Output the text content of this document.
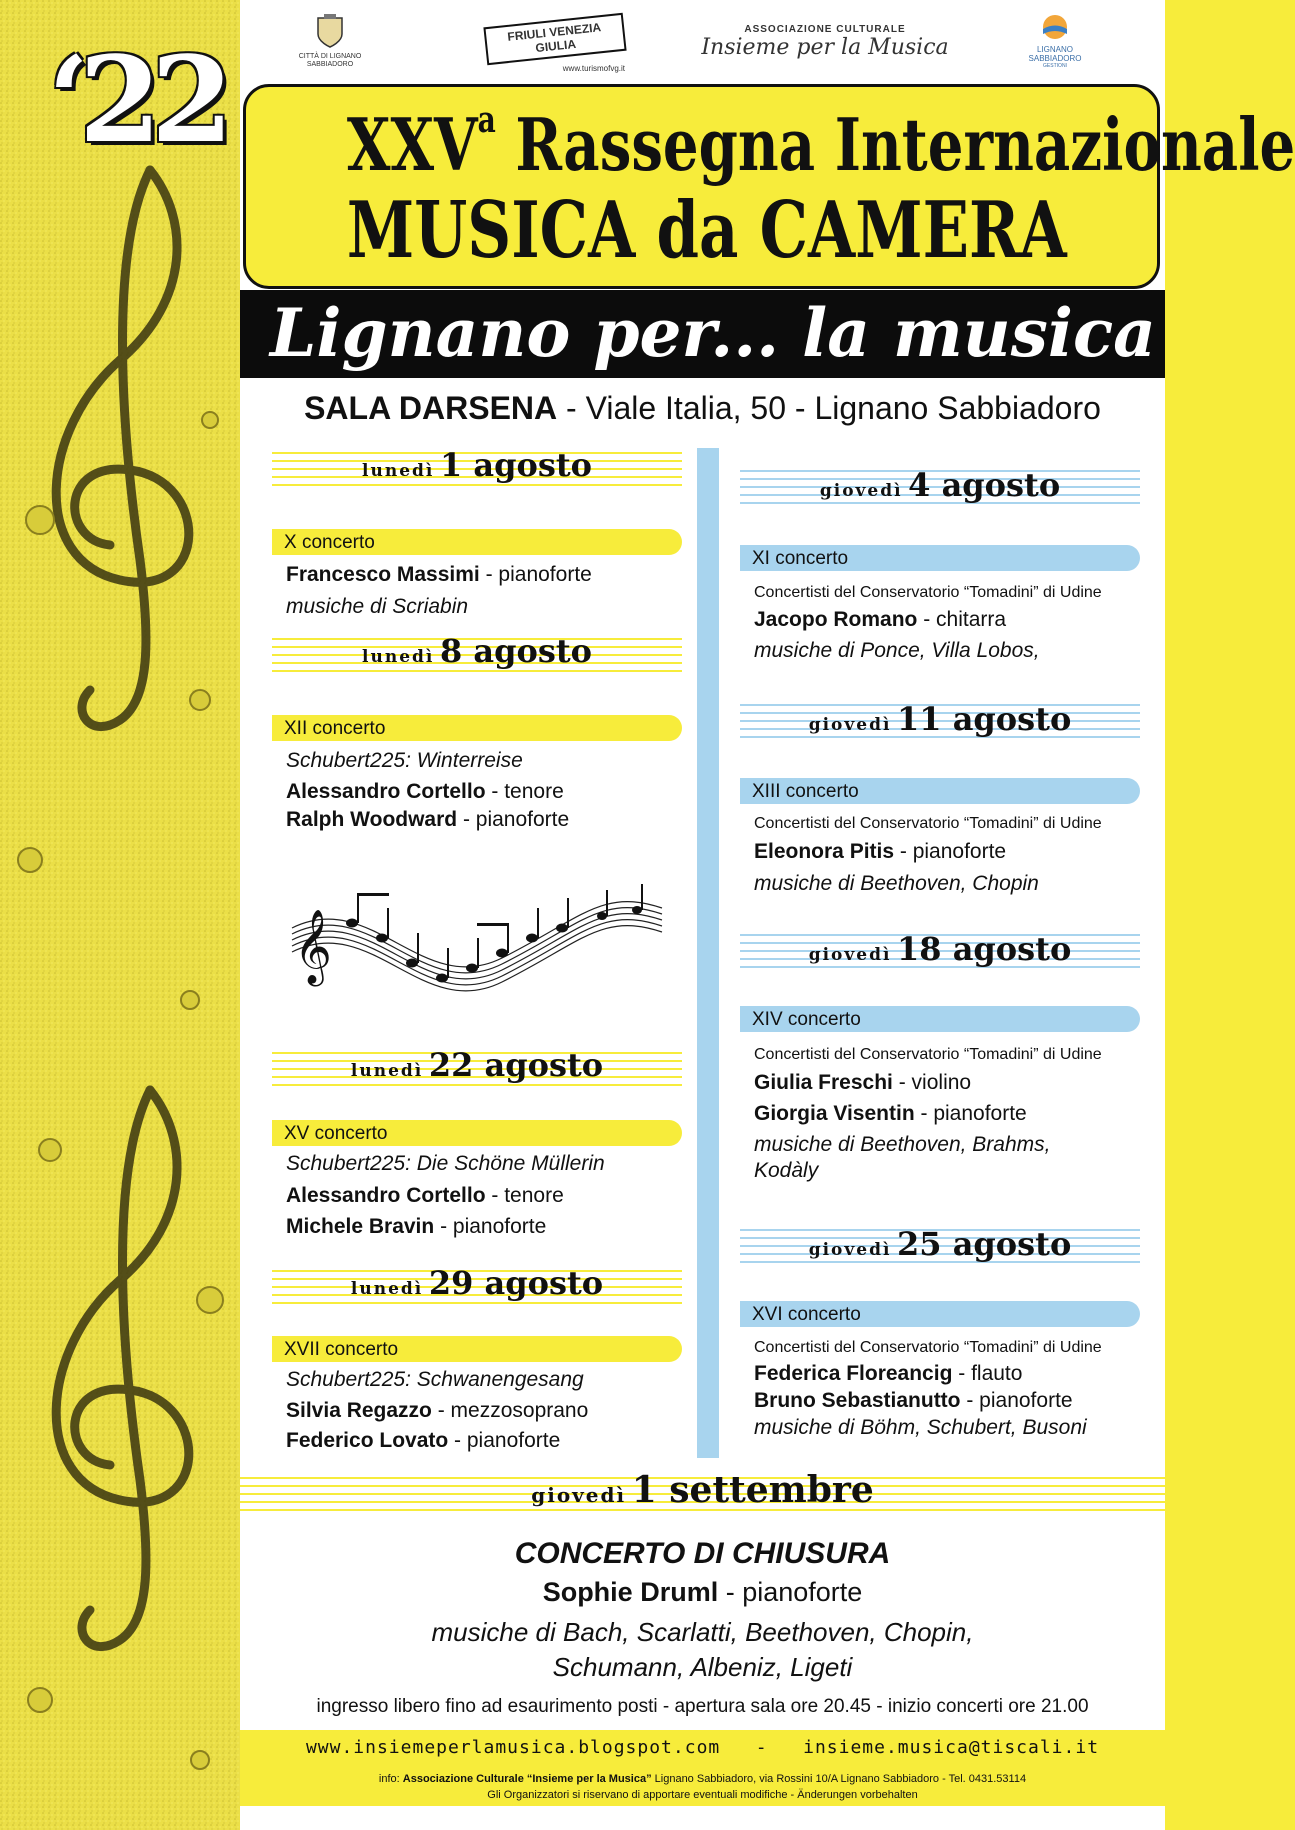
‘22	CITTÀ DI LIGNANO SABBIADORO
FRIULI VENEZIA GIULIA
www.turismofvg.it
ASSOCIAZIONE CULTURALE
Insieme per la Musica	LIGNANO SABBIADORO
GESTIONI
XXV$^a$ Rassegna Internazionale
MUSICA da CAMERA
Lignano per... la musica
SALA DARSENA - Viale Italia, 50 - Lignano Sabbiadoro
lunedì 1 agosto
X concerto
Francesco Massimi - pianoforte
musiche di Scriabin
lunedì 8 agosto
XII concerto
Schubert225: Winterreise
Alessandro Cortello - tenore
Ralph Woodward - pianoforte
𝄞
lunedì 22 agosto
XV concerto
Schubert225: Die Schöne Müllerin
Alessandro Cortello - tenore
Michele Bravin - pianoforte
lunedì 29 agosto
XVII concerto
Schubert225: Schwanengesang
Silvia Regazzo - mezzosoprano
Federico Lovato - pianoforte
giovedì 4 agosto
XI concerto
Concertisti del Conservatorio “Tomadini” di Udine
Jacopo Romano - chitarra
musiche di Ponce, Villa Lobos,
giovedì 11 agosto
XIII concerto
Concertisti del Conservatorio “Tomadini” di Udine
Eleonora Pitis - pianoforte
musiche di Beethoven, Chopin
giovedì 18 agosto
XIV concerto
Concertisti del Conservatorio “Tomadini” di Udine
Giulia Freschi - violino
Giorgia Visentin - pianoforte
musiche di Beethoven, Brahms,
Kodàly
giovedì 25 agosto
XVI concerto
Concertisti del Conservatorio “Tomadini” di Udine
Federica Floreancig - flauto
Bruno Sebastianutto - pianoforte
musiche di Böhm, Schubert, Busoni
giovedì 1 settembre
CONCERTO DI CHIUSURA
Sophie Druml - pianoforte
musiche di Bach, Scarlatti, Beethoven, Chopin,
Schumann, Albeniz, Ligeti
ingresso libero fino ad esaurimento posti - apertura sala ore 20.45 - inizio concerti ore 21.00
www.insiemeperlamusica.blogspot.com   -   insieme.musica@tiscali.it
info: Associazione Culturale “Insieme per la Musica” Lignano Sabbiadoro, via Rossini 10/A Lignano Sabbiadoro - Tel. 0431.53114
Gli Organizzatori si riservano di apportare eventuali modifiche - Änderungen vorbehalten
